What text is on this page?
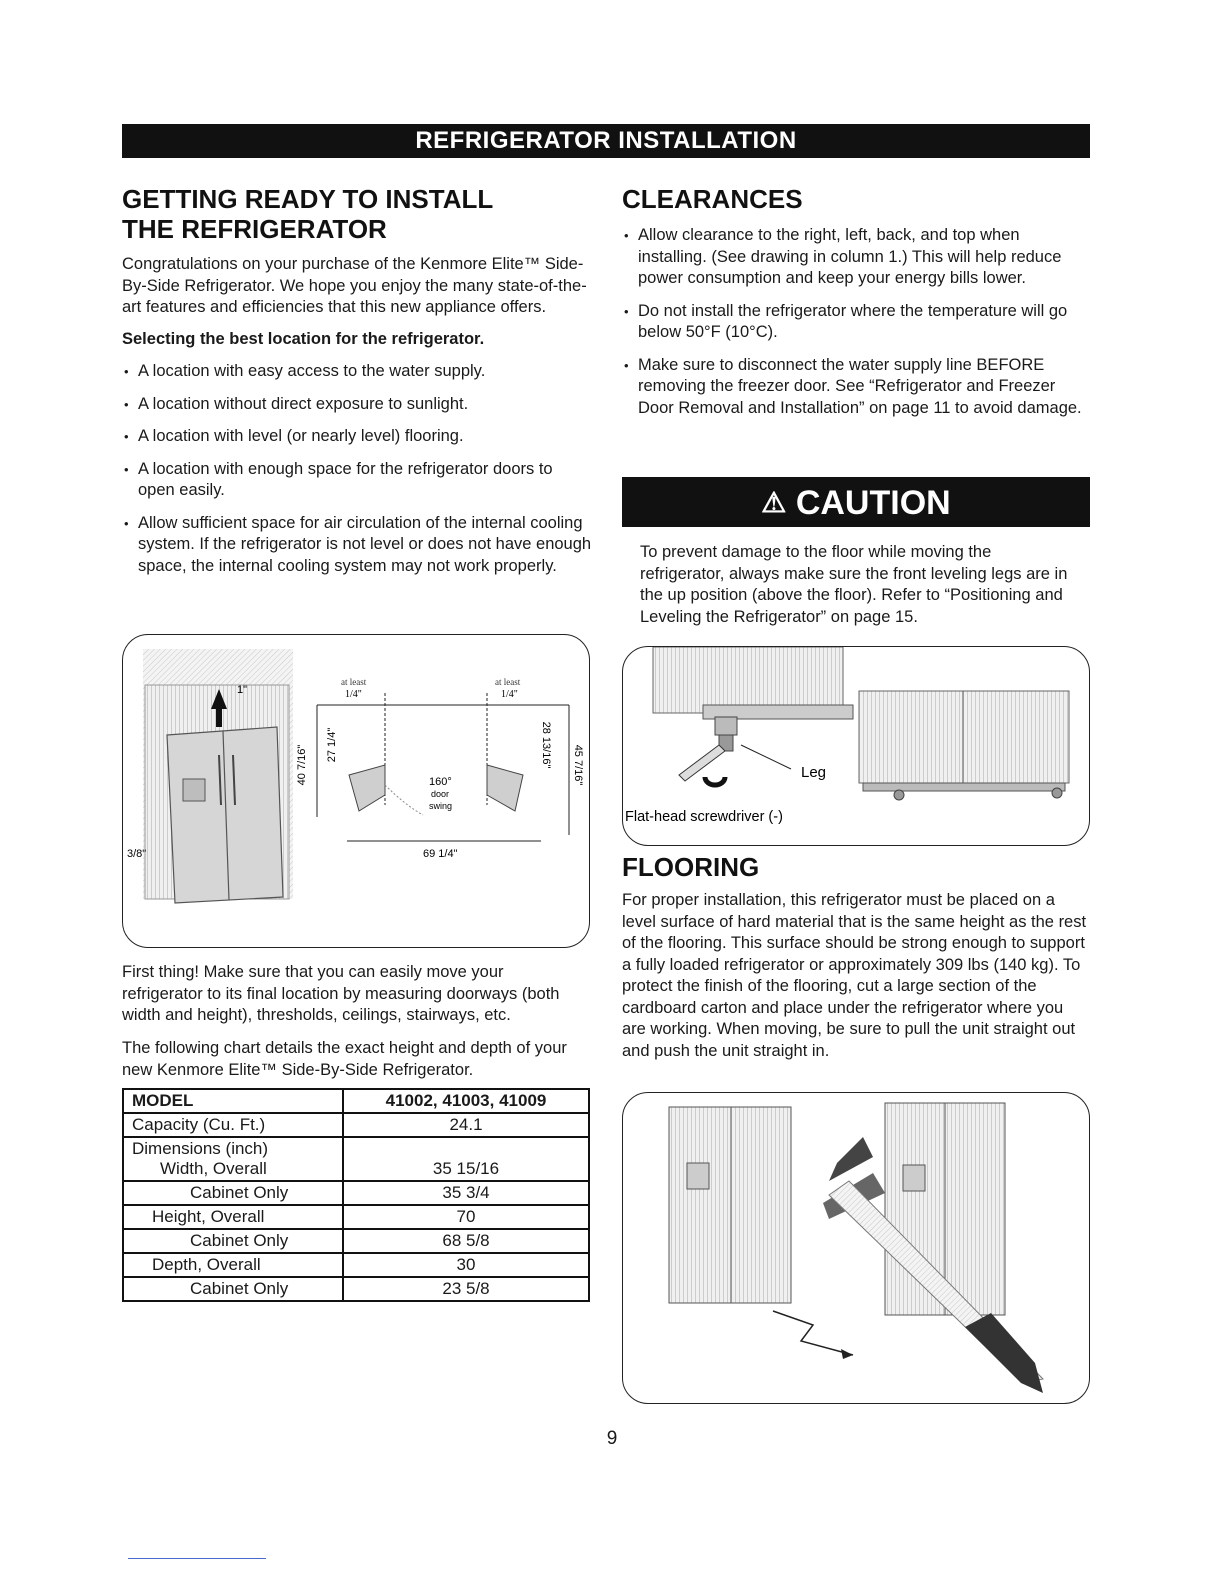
REFRIGERATOR INSTALLATION
GETTING READY TO INSTALL
THE REFRIGERATOR

Congratulations on your purchase of the Kenmore Elite™ Side-By-Side Refrigerator. We hope you enjoy the many state-of-the-art features and efficiencies that this new appliance offers.

Selecting the best location for the refrigerator.

• A location with easy access to the water supply.
• A location without direct exposure to sunlight.
• A location with level (or nearly level) flooring.
• A location with enough space for the refrigerator doors to open easily.
• Allow sufficient space for air circulation of the internal cooling system. If the refrigerator is not level or does not have enough space, the internal cooling system may not work properly.
1"
3/8"
at least
1/4"
at least
1/4"
160°
door
swing
40 7/16" 27 1/4"	28 13/16" 45 7/16"
69 1/4"

First thing! Make sure that you can easily move your refrigerator to its final location by measuring doorways (both width and height), thresholds, ceilings, stairways, etc.

The following chart details the exact height and depth of your new Kenmore Elite™ Side-By-Side Refrigerator.

MODEL	41002, 41003, 41009
Capacity (Cu. Ft.)	24.1
Dimensions (inch)
Width, Overall	35 15/16
Cabinet Only	35 3/4
Height, Overall	70
Cabinet Only	68 5/8
Depth, Overall	30
Cabinet Only	23 5/8
CLEARANCES
• Allow clearance to the right, left, back, and top when installing. (See drawing in column 1.) This will help reduce power consumption and keep your energy bills lower.
• Do not install the refrigerator where the temperature will go below 50°F (10°C).
• Make sure to disconnect the water supply line BEFORE removing the freezer door. See “Refrigerator and Freezer Door Removal and Installation” on page 11 to avoid damage.
⚠ CAUTION

To prevent damage to the floor while moving the refrigerator, always make sure the front leveling legs are in the up position (above the floor). Refer to “Positioning and Leveling the Refrigerator” on page 15.

Leg
Flat-head screwdriver (-)
FLOORING

For proper installation, this refrigerator must be placed on a level surface of hard material that is the same height as the rest of the flooring. This surface should be strong enough to support a fully loaded refrigerator or approximately 309 lbs (140 kg). To protect the finish of the flooring, cut a large section of the cardboard carton and place under the refrigerator where you are working. When moving, be sure to pull the unit straight out and push the unit straight in.

9
